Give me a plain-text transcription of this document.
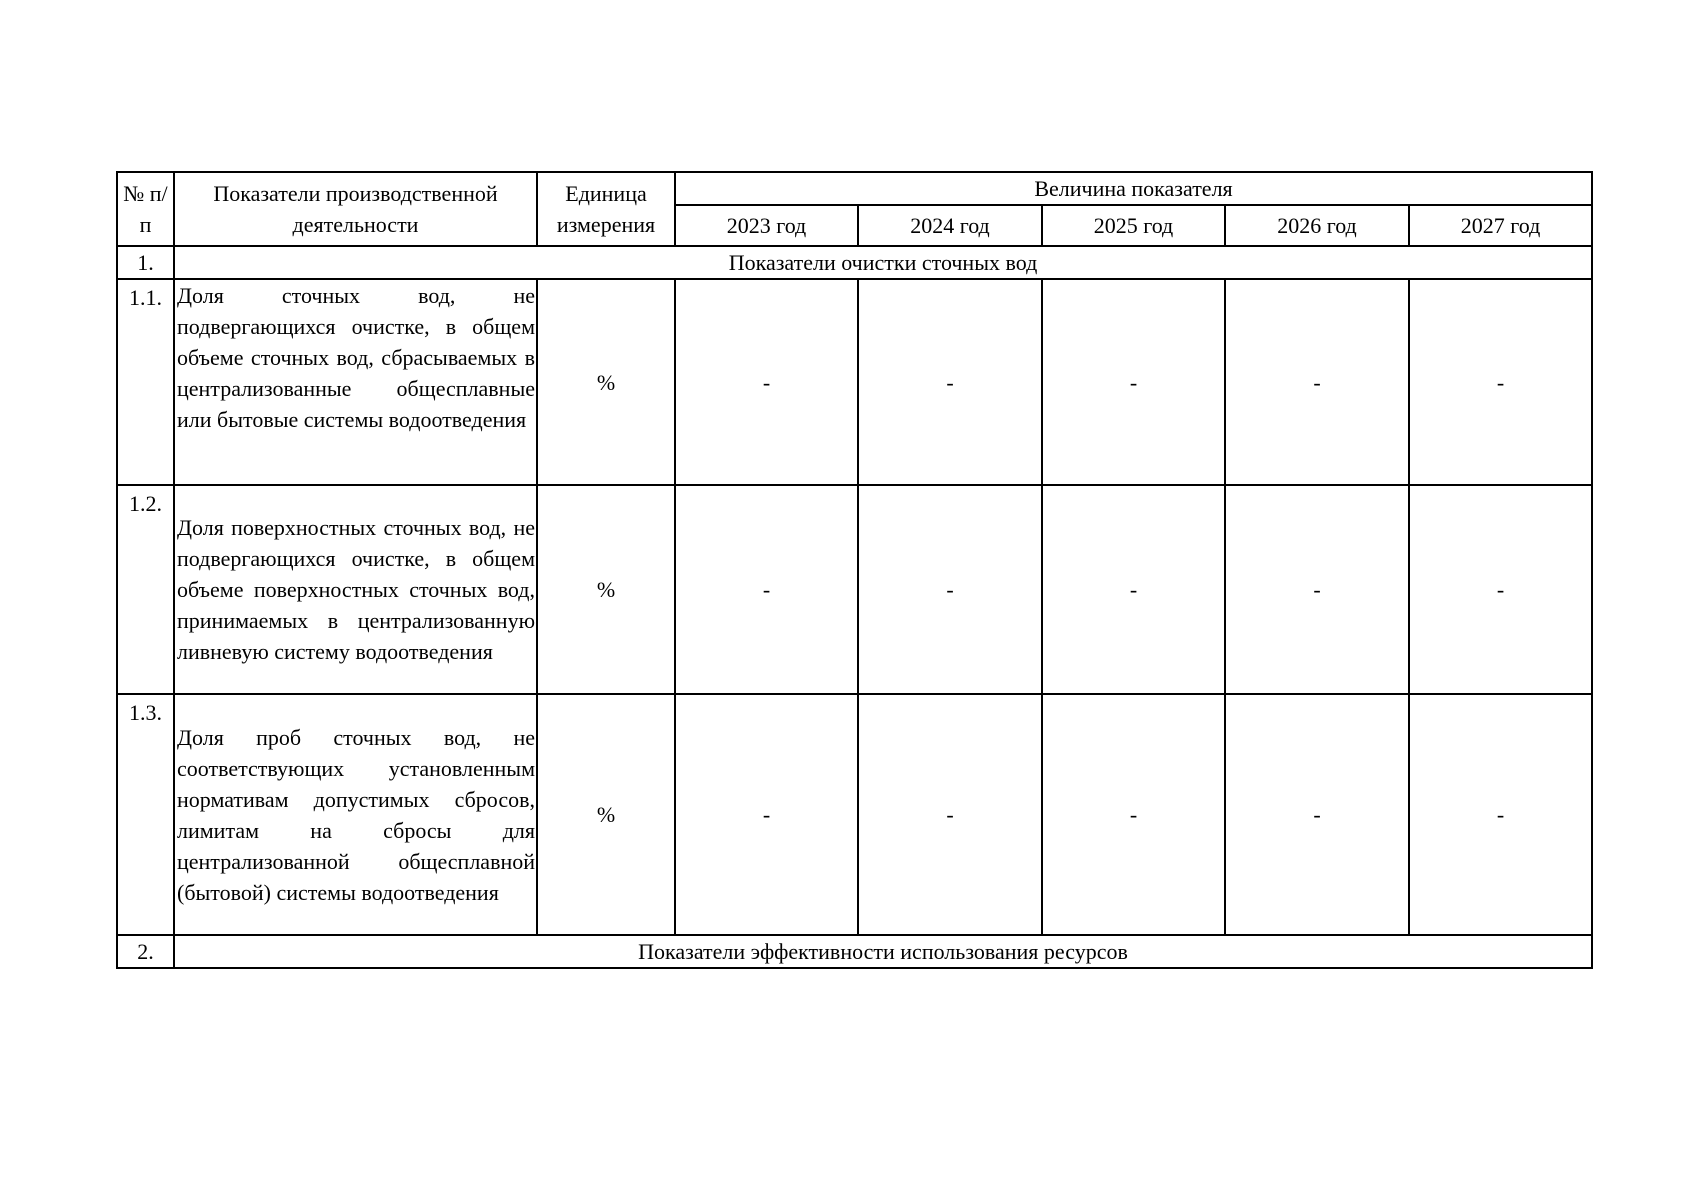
№ п/п	Показатели производственной деятельности	Единица измерения	Величина показателя				
			2023 год	2024 год	2025 год	2026 год	2027 год
1.	Показатели очистки сточных вод						
1.1.	Доля сточных вод, не подвергающихся очистке, в общем объеме сточных вод, сбрасываемых в централизованные общесплавные или бытовые системы водоотведения	%	-	-	-	-	-
1.2.	Доля поверхностных сточных вод, не подвергающихся очистке, в общем объеме поверхностных сточных вод, принимаемых в централизованную ливневую систему водоотведения	%	-	-	-	-	-
1.3.	Доля проб сточных вод, не соответствующих установленным нормативам допустимых сбросов, лимитам на сбросы для централизованной общесплавной (бытовой) системы водоотведения	%	-	-	-	-	-
2.	Показатели эффективности использования ресурсов						
